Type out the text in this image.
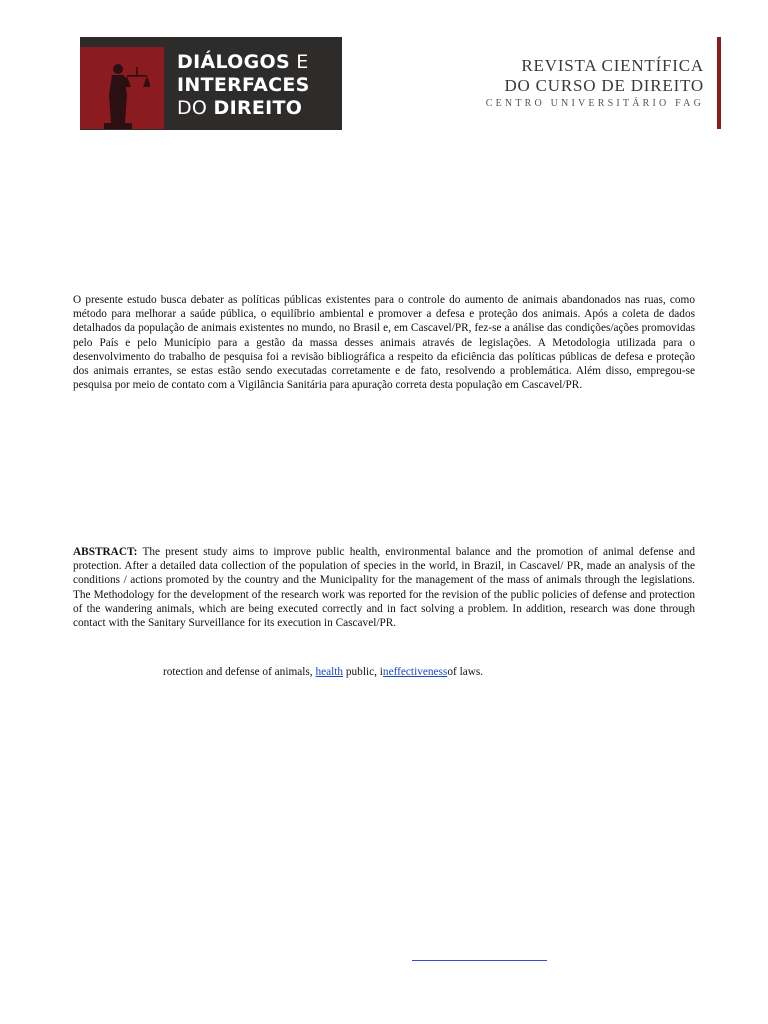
DIÁLOGOS E
INTERFACES
DO DIREITO
REVISTA CIENTÍFICA
DO CURSO DE DIREITO
CENTRO UNIVERSITÁRIO FAG

O presente estudo busca debater as políticas públicas existentes para o controle do aumento de animais abandonados nas ruas, como método para melhorar a saúde pública, o equilíbrio ambiental e promover a defesa e proteção dos animais. Após a coleta de dados detalhados da população de animais existentes no mundo, no Brasil e, em Cascavel/PR, fez-se a análise das condições/ações promovidas pelo País e pelo Município para a gestão da massa desses animais através de legislações. A Metodologia utilizada para o desenvolvimento do trabalho de pesquisa foi a revisão bibliográfica a respeito da eficiência das políticas públicas de defesa e proteção dos animais errantes, se estas estão sendo executadas corretamente e de fato, resolvendo a problemática. Além disso, empregou-se pesquisa por meio de contato com a Vigilância Sanitária para apuração correta desta população em Cascavel/PR.

ABSTRACT: The present study aims to improve public health, environmental balance and the promotion of animal defense and protection. After a detailed data collection of the population of species in the world, in Brazil, in Cascavel/ PR, made an analysis of the conditions / actions promoted by the country and the Municipality for the management of the mass of animals through the legislations. The Methodology for the development of the research work was reported for the revision of the public policies of defense and protection of the wandering animals, which are being executed correctly and in fact solving a problem. In addition, research was done through contact with the Sanitary Surveillance for its execution in Cascavel/PR.

rotection and defense of animals, health public, ineffectivenessof laws.
